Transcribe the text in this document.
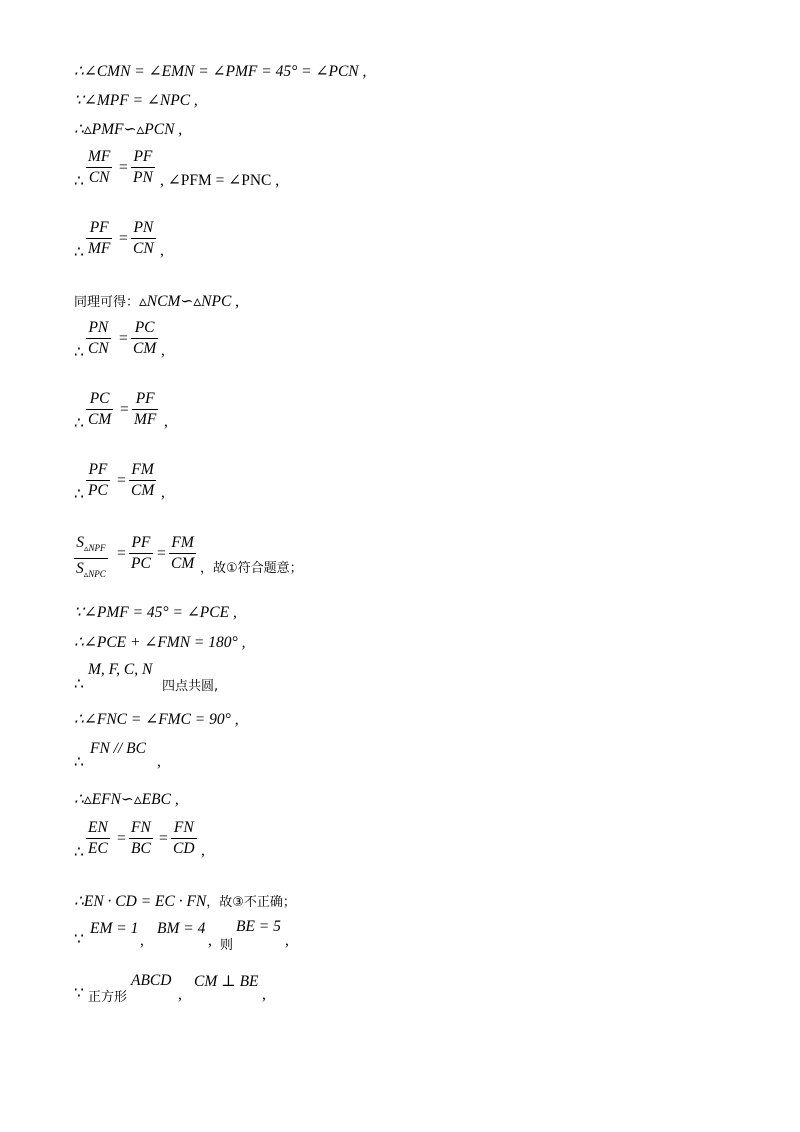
∴∠CMN = ∠EMN = ∠PMF = 45° = ∠PCN ,
∵∠MPF = ∠NPC ,
∴▵PMF∽▵PCN ,
∴ $\frac{MF}{CN} = \frac{PF}{PN}$ , ∠PFM = ∠PNC ,
∴ $\frac{PF}{MF} = \frac{PN}{CN}$ ,
同理可得：▵NCM∽▵NPC ,
∴ $\frac{PN}{CN} = \frac{PC}{CM}$ ,
∴ $\frac{PC}{CM} = \frac{PF}{MF}$ ,
∴ $\frac{PF}{PC} = \frac{FM}{CM}$ ,
$S_{▵NPF}$
$S_{▵NPC}$
= $\frac{PF}{PC} = \frac{FM}{CM}$ ，故①符合题意；
∵∠PMF = 45° = ∠PCE ,
∴∠PCE + ∠FMN = 180° ,
∴
M, F, C, N
四点共圆,
∴∠FNC = ∠FMC = 90° ,
∴
FN // BC
,
∴▵EFN∽▵EBC ,
∴ $\frac{EN}{EC} = \frac{FN}{BC} = \frac{FN}{CD}$ ,
∴EN · CD = EC · FN，故③不正确；
∵
EM = 1
,
BM = 4
, 则
BE = 5
,
∵ 正方形
ABCD
,
CM ⊥ BE
,
